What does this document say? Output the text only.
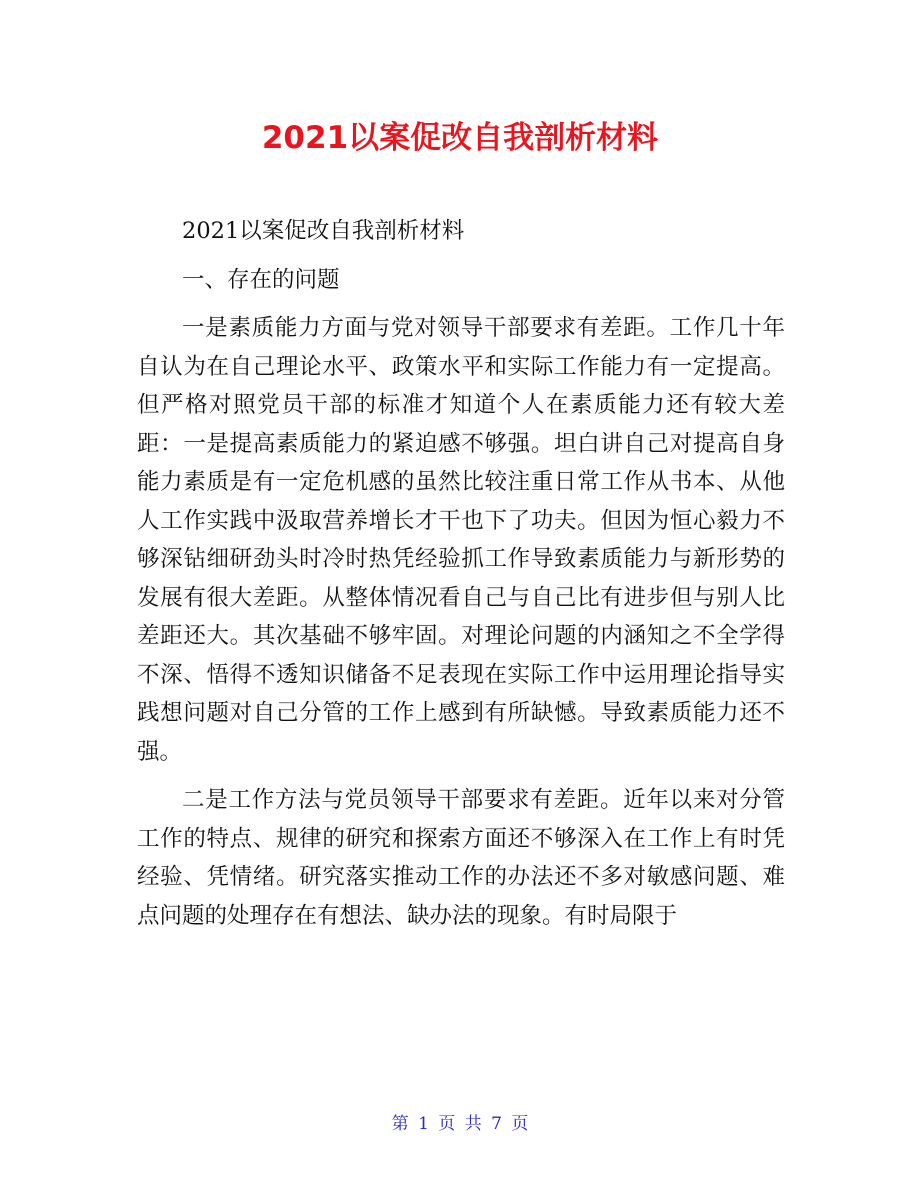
2021以案促改自我剖析材料

2021以案促改自我剖析材料

一、存在的问题

一是素质能力方面与党对领导干部要求有差距。工作几十年自认为在自己理论水平、政策水平和实际工作能力有一定提高。但严格对照党员干部的标准才知道个人在素质能力还有较大差距：一是提高素质能力的紧迫感不够强。坦白讲自己对提高自身能力素质是有一定危机感的虽然比较注重日常工作从书本、从他人工作实践中汲取营养增长才干也下了功夫。但因为恒心毅力不够深钻细研劲头时冷时热凭经验抓工作导致素质能力与新形势的发展有很大差距。从整体情况看自己与自己比有进步但与别人比差距还大。其次基础不够牢固。对理论问题的内涵知之不全学得不深、悟得不透知识储备不足表现在实际工作中运用理论指导实践想问题对自己分管的工作上感到有所缺憾。导致素质能力还不强。

二是工作方法与党员领导干部要求有差距。近年以来对分管工作的特点、规律的研究和探索方面还不够深入在工作上有时凭经验、凭情绪。研究落实推动工作的办法还不多对敏感问题、难点问题的处理存在有想法、缺办法的现象。有时局限于

第 1 页 共 7 页
